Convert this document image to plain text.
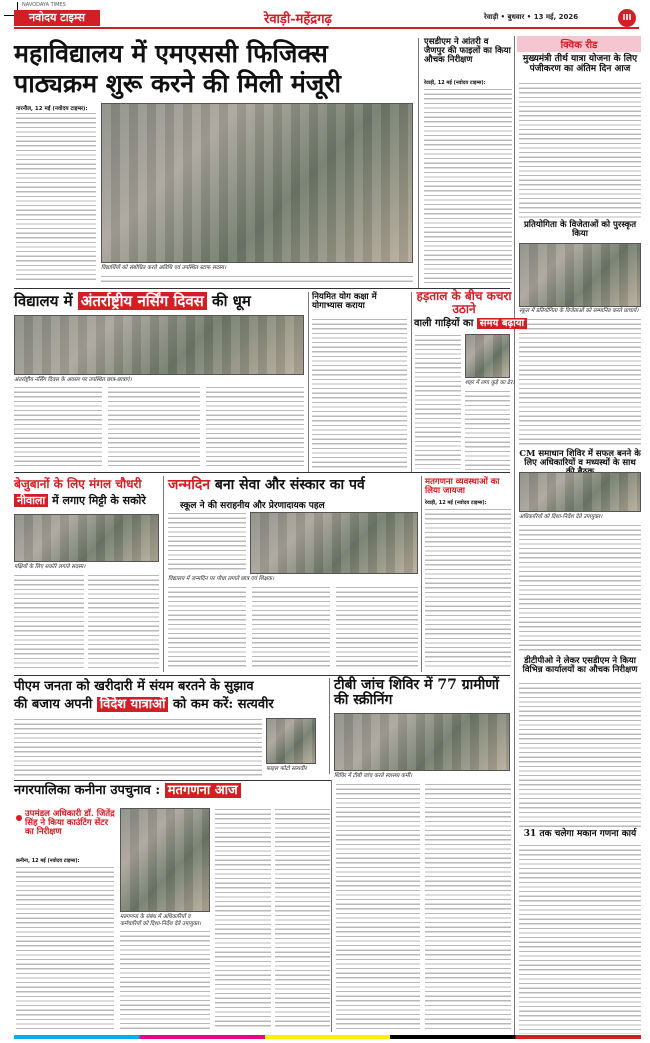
NAVODAYA TIMES
नवोदय टाइम्स	रेवाड़ी-महेंद्रगढ़	रेवाड़ी • बुधवार • 13 मई, 2026	III
महाविद्यालय में एमएससी फिजिक्स
पाठ्यक्रम शुरू करने की मिली मंजूरी
नारनौल, 12 मई (नवोदय टाइम्स):
विद्यार्थियों को संबोधित करते अतिथि एवं उपस्थित स्टाफ सदस्य।
एसडीएम ने आंतरी व जैणपुर की फाइलों का किया औचक निरीक्षण
रेवाड़ी, 12 मई (नवोदय टाइम्स):
क्विक रीड
मुख्यमंत्री तीर्थ यात्रा योजना के लिए पंजीकरण का अंतिम दिन आज
प्रतियोगिता के विजेताओं को पुरस्कृत किया
स्कूल में प्रतियोगिता के विजेताओं को सम्मानित करते प्राचार्य।
CM समाधान शिविर में सफल बनने के लिए अधिकारियों व मध्यस्थों के साथ
अधिकारियों को दिशा-निर्देश देते उपायुक्त।
डीटीपीओ ने लेकर एसडीएम ने किया विभिन्न कार्यालयों का औचक निरीक्षण
31 तक चलेगा मकान गणना कार्य
विद्यालय में अंतर्राष्ट्रीय नर्सिंग दिवस की धूम
अंतर्राष्ट्रीय नर्सिंग दिवस के अवसर पर उपस्थित छात्र-छात्राएं।
नियमित योग कक्षा में योगाभ्यास कराया
हड़ताल के बीच कचरा उठाने
वाली गाड़ियों का समय बढ़ाया
शहर में लगा कूड़े का ढेर।
बेजुबानों के लिए मंगल चौधरी
नीवाला में लगाए मिट्टी के सकोरे
पक्षियों के लिए सकोरे लगाते सदस्य।
जन्मदिन बना सेवा और संस्कार का पर्व
स्कूल ने की सराहनीय और प्रेरणादायक पहल
विद्यालय में जन्मदिन पर पौधा लगाते छात्र एवं शिक्षक।
मतगणना व्यवस्थाओं का लिया जायजा
रेवाड़ी, 12 मई (नवोदय टाइम्स):
पीएम जनता को खरीदारी में संयम बरतने के सुझाव
की बजाय अपनी विदेश यात्राओं को कम करें: सत्यवीर
फाइल फोटो सत्यवीर
टीबी जांच शिविर में 77 ग्रामीणों की स्क्रीनिंग
नगरपालिका कनीना उपचुनाव : मतगणना आज
उपमंडल अधिकारी डॉ. जितेंद्र सिंह ने किया काउंटिंग सेंटर का निरीक्षण
कनीना, 12 मई (नवोदय टाइम्स):
मतगणना के संबंध में अधिकारियों व कर्मचारियों को दिशा-निर्देश देते उपायुक्त।
शिविर में टीबी जांच करते स्वास्थ्य कर्मी।
